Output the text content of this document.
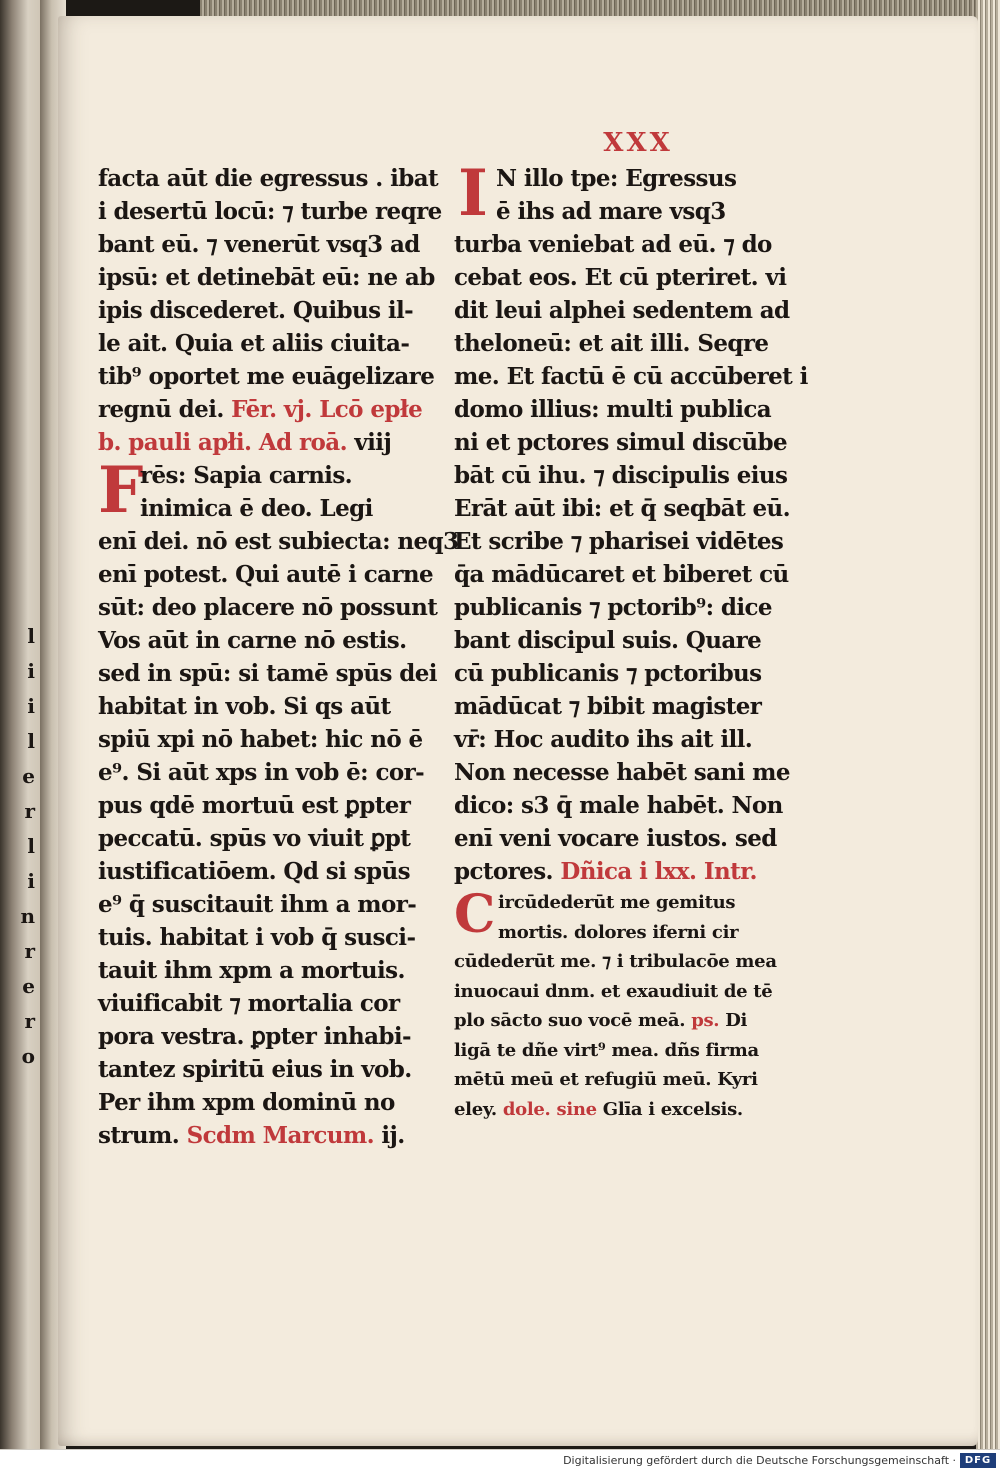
l
i
i
l
e
r
l
i
n
r
e
r
o
XXX
facta aūt die egressus . ibat
i desertū locū: ⁊ turbe reqre
bant eū. ⁊ venerūt vsq3 ad
ipsū: et detinebāt eū: ne ab
ipis discederet. Quibus il-
le ait. Quia et aliis ciuita-
tib⁹ oportet me euāgelizare
regnū dei. Fēr. vj. Lcō epłe
b. pauli apłi. Ad roā. viij
F
rēs: Sapia carnis.
inimica ē deo. Legi
enī dei. nō est subiecta: neq3
enī potest. Qui autē i carne
sūt: deo placere nō possunt
Vos aūt in carne nō estis.
sed in spū: si tamē spūs dei
habitat in vob. Si qs aūt
spiū xpi nō habet: hic nō ē
e⁹. Si aūt xps in vob ē: cor-
pus qdē mortuū est ꝑpter
peccatū. spūs vo viuit ꝑpt
iustificatiōem. Qd si spūs
e⁹ q̄ suscitauit ihm a mor-
tuis. habitat i vob q̄ susci-
tauit ihm xpm a mortuis.
viuificabit ⁊ mortalia cor
pora vestra. ꝑpter inhabi-
tantez spiritū eius in vob.
Per ihm xpm dominū no
strum. Scdm Marcum. ij.
I N illo tpe: Egressus
ē ihs ad mare vsq3
turba veniebat ad eū. ⁊ do
cebat eos. Et cū pteriret. vi
dit leui alphei sedentem ad
theloneū: et ait illi. Seqre
me. Et factū ē cū accūberet i
domo illius: multi publica
ni et pctores simul discūbe
bāt cū ihu. ⁊ discipulis eius
Erāt aūt ibi: et q̄ seqbāt eū.
Et scribe ⁊ pharisei vidētes
q̄a mādūcaret et biberet cū
publicanis ⁊ pctorib⁹: dice
bant discipul suis. Quare
cū publicanis ⁊ pctoribus
mādūcat ⁊ bibit magister
vr̄: Hoc audito ihs ait ill.
Non necesse habēt sani me
dico: s3 q̄ male habēt. Non
enī veni vocare iustos. sed
pctores. Dñica i lxx. Intr.
C ircūdederūt me gemitus
mortis. dolores iferni cir
cūdederūt me. ⁊ i tribulacōe mea
inuocaui dnm. et exaudiuit de tē
plo sācto suo vocē meā. ps. Di
ligā te dñe virt⁹ mea. dñs firma
mētū meū et refugiū meū. Kyri
eley. dole. sine Glīa i excelsis.
Digitalisierung gefördert durch die Deutsche Forschungsgemeinschaft · DFG
